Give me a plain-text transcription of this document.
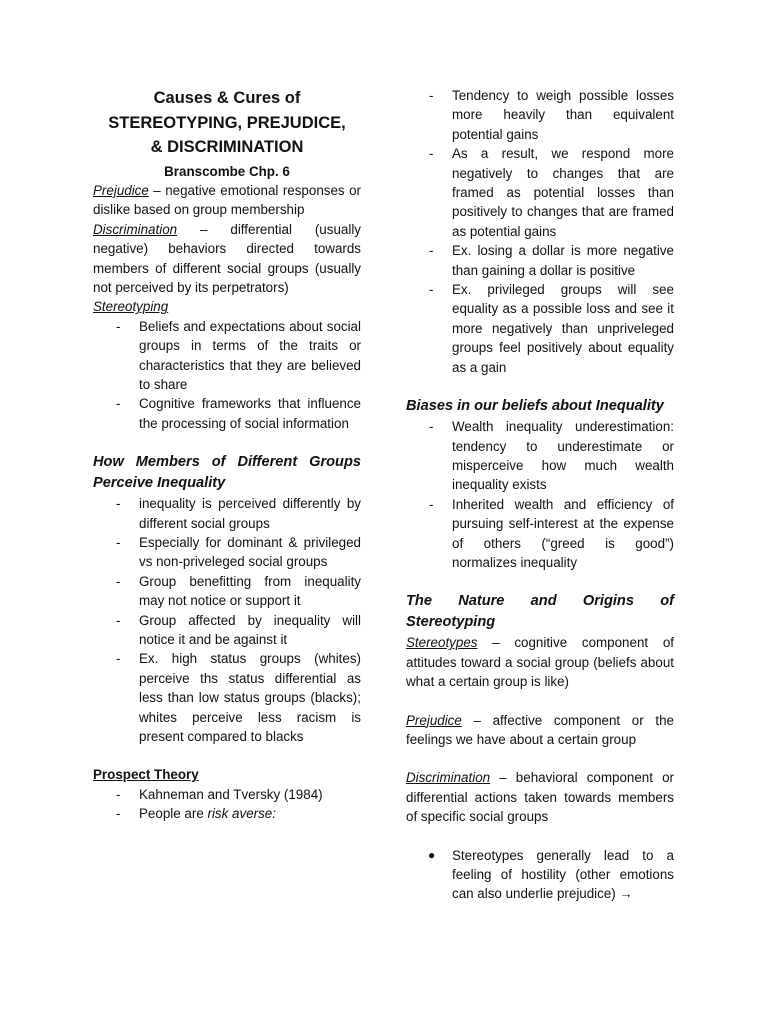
Causes & Cures of

STEREOTYPING, PREJUDICE,

& DISCRIMINATION

Branscombe Chp. 6

Prejudice – negative emotional responses or dislike based on group membership

Discrimination – differential (usually negative) behaviors directed towards members of different social groups (usually not perceived by its perpetrators)

Stereotyping

- Beliefs and expectations about social groups in terms of the traits or characteristics that they are believed to share
- Cognitive frameworks that influence the processing of social information

How Members of Different Groups Perceive Inequality

- inequality is perceived differently by different social groups
- Especially for dominant & privileged vs non-priveleged social groups
- Group benefitting from inequality may not notice or support it
- Group affected by inequality will notice it and be against it
- Ex. high status groups (whites) perceive ths status differential as less than low status groups (blacks); whites perceive less racism is present compared to blacks

Prospect Theory

- Kahneman and Tversky (1984)
- People are risk averse:
- Tendency to weigh possible losses more heavily than equivalent potential gains
- As a result, we respond more negatively to changes that are framed as potential losses than positively to changes that are framed as potential gains
- Ex. losing a dollar is more negative than gaining a dollar is positive
- Ex. privileged groups will see equality as a possible loss and see it more negatively than unpriveleged groups feel positively about equality as a gain

Biases in our beliefs about Inequality

- Wealth inequality underestimation: tendency to underestimate or misperceive how much wealth inequality exists
- Inherited wealth and efficiency of pursuing self-interest at the expense of others (“greed is good”) normalizes inequality

The Nature and Origins of Stereotyping

Stereotypes – cognitive component of attitudes toward a social group (beliefs about what a certain group is like)

Prejudice – affective component or the feelings we have about a certain group

Discrimination – behavioral component or differential actions taken towards members of specific social groups

● Stereotypes generally lead to a feeling of hostility (other emotions can also underlie prejudice) →
